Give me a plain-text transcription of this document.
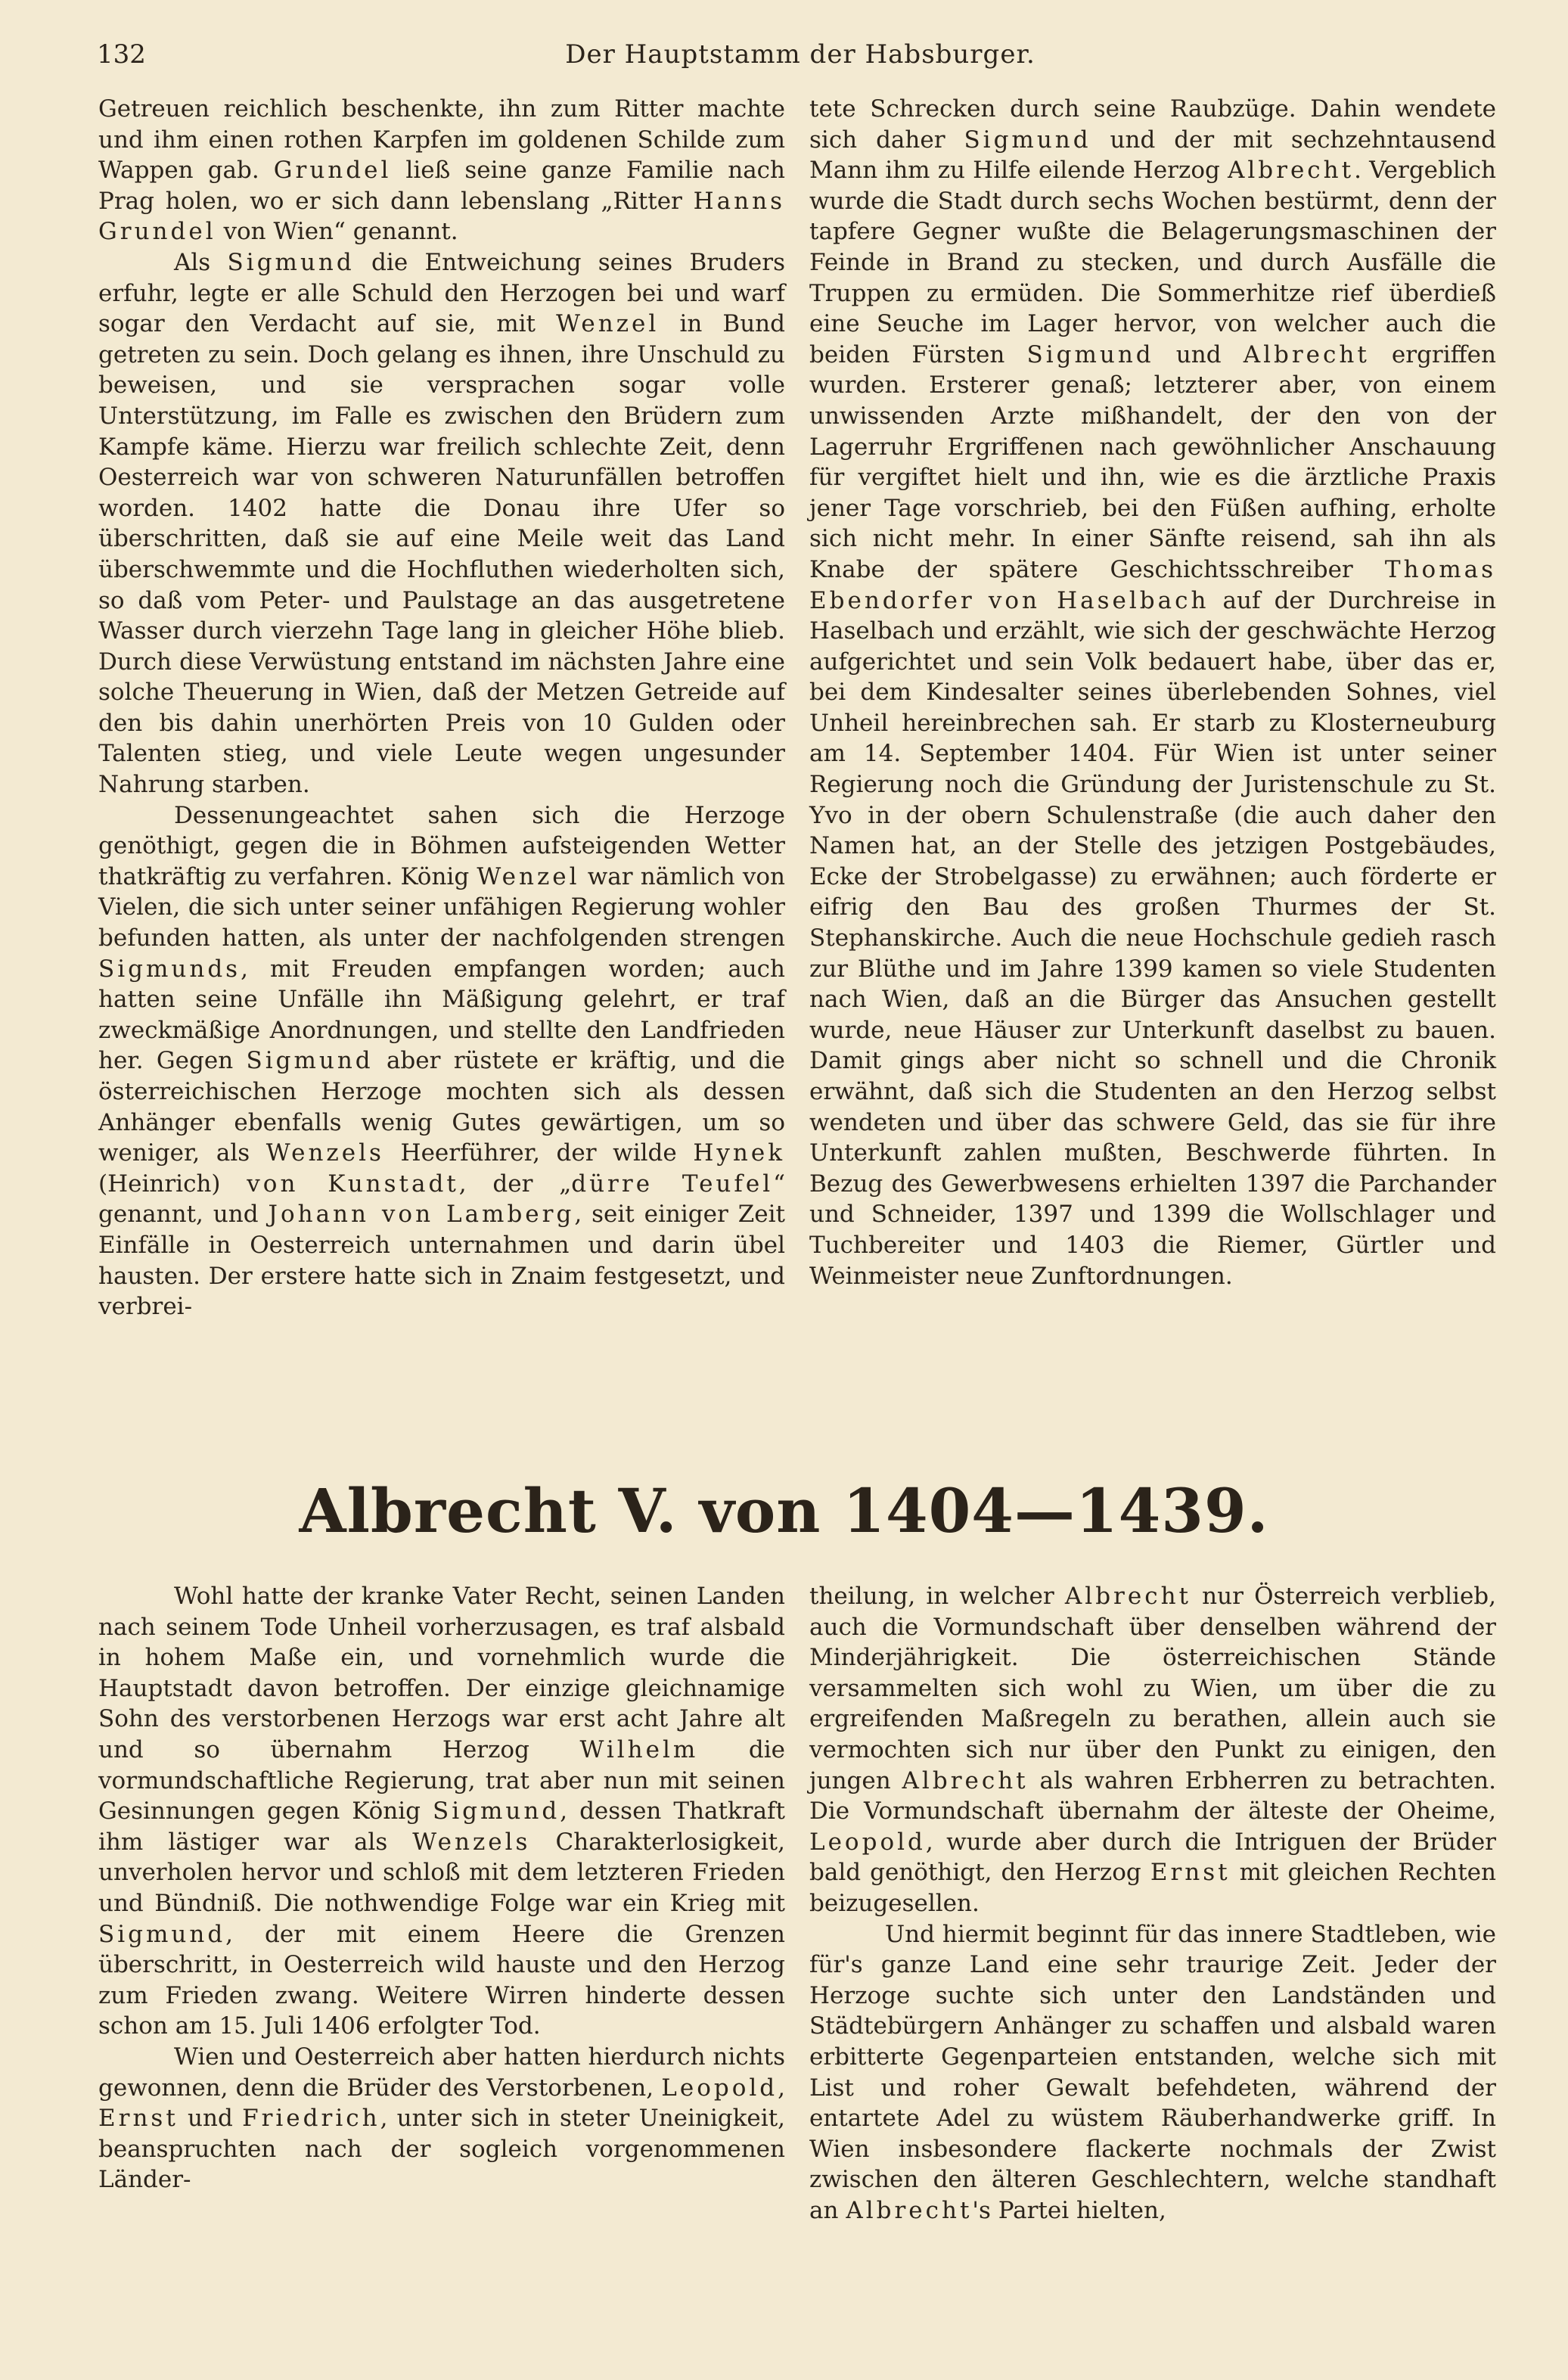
132	Der Hauptstamm der Habsburger.

Getreuen reichlich beschenkte, ihn zum Ritter machte und ihm einen rothen Karpfen im goldenen Schilde zum Wappen gab. Grundel ließ seine ganze Familie nach Prag holen, wo er sich dann lebenslang „Ritter Hanns Grundel von Wien“ genannt.

Als Sigmund die Entweichung seines Bruders erfuhr, legte er alle Schuld den Herzogen bei und warf sogar den Verdacht auf sie, mit Wenzel in Bund getreten zu sein. Doch gelang es ihnen, ihre Unschuld zu beweisen, und sie versprachen sogar volle Unterstützung, im Falle es zwischen den Brüdern zum Kampfe käme. Hierzu war freilich schlechte Zeit, denn Oesterreich war von schweren Naturunfällen betroffen worden. 1402 hatte die Donau ihre Ufer so überschritten, daß sie auf eine Meile weit das Land überschwemmte und die Hochfluthen wiederholten sich, so daß vom Peter- und Paulstage an das ausgetretene Wasser durch vierzehn Tage lang in gleicher Höhe blieb. Durch diese Verwüstung entstand im nächsten Jahre eine solche Theuerung in Wien, daß der Metzen Getreide auf den bis dahin unerhörten Preis von 10 Gulden oder Talenten stieg, und viele Leute wegen ungesunder Nahrung starben.

Dessenungeachtet sahen sich die Herzoge genöthigt, gegen die in Böhmen aufsteigenden Wetter thatkräftig zu verfahren. König Wenzel war nämlich von Vielen, die sich unter seiner unfähigen Regierung wohler befunden hatten, als unter der nachfolgenden strengen Sigmunds, mit Freuden empfangen worden; auch hatten seine Unfälle ihn Mäßigung gelehrt, er traf zweckmäßige Anordnungen, und stellte den Landfrieden her. Gegen Sigmund aber rüstete er kräftig, und die österreichischen Herzoge mochten sich als dessen Anhänger ebenfalls wenig Gutes gewärtigen, um so weniger, als Wenzels Heerführer, der wilde Hynek (Heinrich) von Kunstadt, der „dürre Teufel“ genannt, und Johann von Lamberg, seit einiger Zeit Einfälle in Oesterreich unternahmen und darin übel hausten. Der erstere hatte sich in Znaim festgesetzt, und verbrei-

tete Schrecken durch seine Raubzüge. Dahin wendete sich daher Sigmund und der mit sechzehntausend Mann ihm zu Hilfe eilende Herzog Albrecht. Vergeblich wurde die Stadt durch sechs Wochen bestürmt, denn der tapfere Gegner wußte die Belagerungsmaschinen der Feinde in Brand zu stecken, und durch Ausfälle die Truppen zu ermüden. Die Sommerhitze rief überdieß eine Seuche im Lager hervor, von welcher auch die beiden Fürsten Sigmund und Albrecht ergriffen wurden. Ersterer genaß; letzterer aber, von einem unwissenden Arzte mißhandelt, der den von der Lagerruhr Ergriffenen nach gewöhnlicher Anschauung für vergiftet hielt und ihn, wie es die ärztliche Praxis jener Tage vorschrieb, bei den Füßen aufhing, erholte sich nicht mehr. In einer Sänfte reisend, sah ihn als Knabe der spätere Geschichtsschreiber Thomas Ebendorfer von Haselbach auf der Durchreise in Haselbach und erzählt, wie sich der geschwächte Herzog aufgerichtet und sein Volk bedauert habe, über das er, bei dem Kindesalter seines überlebenden Sohnes, viel Unheil hereinbrechen sah. Er starb zu Klosterneuburg am 14. September 1404. Für Wien ist unter seiner Regierung noch die Gründung der Juristenschule zu St. Yvo in der obern Schulenstraße (die auch daher den Namen hat, an der Stelle des jetzigen Postgebäudes, Ecke der Strobelgasse) zu erwähnen; auch förderte er eifrig den Bau des großen Thurmes der St. Stephanskirche. Auch die neue Hochschule gedieh rasch zur Blüthe und im Jahre 1399 kamen so viele Studenten nach Wien, daß an die Bürger das Ansuchen gestellt wurde, neue Häuser zur Unterkunft daselbst zu bauen. Damit gings aber nicht so schnell und die Chronik erwähnt, daß sich die Studenten an den Herzog selbst wendeten und über das schwere Geld, das sie für ihre Unterkunft zahlen mußten, Beschwerde führten. In Bezug des Gewerbwesens erhielten 1397 die Parchander und Schneider, 1397 und 1399 die Wollschlager und Tuchbereiter und 1403 die Riemer, Gürtler und Weinmeister neue Zunftordnungen.

Albrecht V. von 1404—1439.

Wohl hatte der kranke Vater Recht, seinen Landen nach seinem Tode Unheil vorherzusagen, es traf alsbald in hohem Maße ein, und vornehmlich wurde die Hauptstadt davon betroffen. Der einzige gleichnamige Sohn des verstorbenen Herzogs war erst acht Jahre alt und so übernahm Herzog Wilhelm die vormundschaftliche Regierung, trat aber nun mit seinen Gesinnungen gegen König Sigmund, dessen Thatkraft ihm lästiger war als Wenzels Charakterlosigkeit, unverholen hervor und schloß mit dem letzteren Frieden und Bündniß. Die nothwendige Folge war ein Krieg mit Sigmund, der mit einem Heere die Grenzen überschritt, in Oesterreich wild hauste und den Herzog zum Frieden zwang. Weitere Wirren hinderte dessen schon am 15. Juli 1406 erfolgter Tod.

Wien und Oesterreich aber hatten hierdurch nichts gewonnen, denn die Brüder des Verstorbenen, Leopold, Ernst und Friedrich, unter sich in steter Uneinigkeit, beanspruchten nach der sogleich vorgenommenen Länder-

theilung, in welcher Albrecht nur Österreich verblieb, auch die Vormundschaft über denselben während der Minderjährigkeit. Die österreichischen Stände versammelten sich wohl zu Wien, um über die zu ergreifenden Maßregeln zu berathen, allein auch sie vermochten sich nur über den Punkt zu einigen, den jungen Albrecht als wahren Erbherren zu betrachten. Die Vormundschaft übernahm der älteste der Oheime, Leopold, wurde aber durch die Intriguen der Brüder bald genöthigt, den Herzog Ernst mit gleichen Rechten beizugesellen.

Und hiermit beginnt für das innere Stadtleben, wie für's ganze Land eine sehr traurige Zeit. Jeder der Herzoge suchte sich unter den Landständen und Städtebürgern Anhänger zu schaffen und alsbald waren erbitterte Gegenparteien entstanden, welche sich mit List und roher Gewalt befehdeten, während der entartete Adel zu wüstem Räuberhandwerke griff. In Wien insbesondere flackerte nochmals der Zwist zwischen den älteren Geschlechtern, welche standhaft an Albrecht's Partei hielten,
